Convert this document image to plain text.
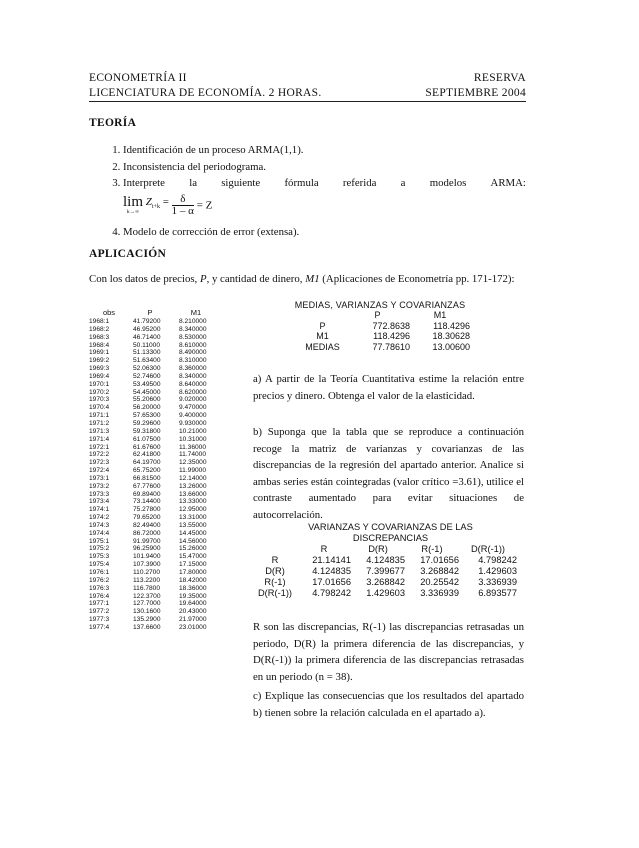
ECONOMETRÍA II
LICENCIATURA DE ECONOMÍA. 2 HORAS.
RESERVA
SEPTIEMBRE 2004
TEORÍA
1. Identificación de un proceso ARMA(1,1).
2. Inconsistencia del periodograma.
3. Interprete la siguiente fórmula referida a modelos ARMA:
lim
k→∞
$Z_{t+k} = \frac{\delta}{1 - \alpha} = Z$
4. Modelo de corrección de error (extensa).
APLICACIÓN
Con los datos de precios, P, y cantidad de dinero, M1 (Aplicaciones de Econometría pp. 171-172):
obs	P	M1
1968:1	41.79200	8.210000
1968:2	46.95200	8.340000
1968:3	46.71400	8.530000
1968:4	50.11000	8.610000
1969:1	51.13300	8.490000
1969:2	51.63400	8.310000
1969:3	52.06300	8.360000
1969:4	52.74600	8.340000
1970:1	53.49500	8.640000
1970:2	54.45000	8.620000
1970:3	55.20600	9.020000
1970:4	56.20000	9.470000
1971:1	57.65300	9.400000
1971:2	59.29600	9.930000
1971:3	59.31800	10.21000
1971:4	61.07500	10.31000
1972:1	61.67600	11.36000
1972:2	62.41800	11.74000
1972:3	64.19700	12.35000
1972:4	65.75200	11.99000
1973:1	66.81500	12.14000
1973:2	67.77600	13.26000
1973:3	69.89400	13.66000
1973:4	73.14400	13.33000
1974:1	75.27800	12.95000
1974:2	79.65200	13.31000
1974:3	82.49400	13.55000
1974:4	86.72000	14.45000
1975:1	91.99700	14.56000
1975:2	96.25900	15.26000
1975:3	101.9400	15.47000
1975:4	107.3900	17.15000
1976:1	110.2700	17.80000
1976:2	113.2200	18.42000
1976:3	116.7800	18.36000
1976:4	122.3700	19.35000
1977:1	127.7000	19.64000
1977:2	130.1600	20.43000
1977:3	135.2900	21.97000
1977:4	137.6600	23.01000
MEDIAS, VARIANZAS Y COVARIANZAS
	P	M1
P	772.8638	118.4296
M1	118.4296	18.30628
MEDIAS	77.78610	13.00600
a) A partir de la Teoría Cuantitativa estime la relación entre precios y dinero. Obtenga el valor de la elasticidad.
b) Suponga que la tabla que se reproduce a continuación recoge la matriz de varianzas y covarianzas de las discrepancias de la regresión del apartado anterior. Analice si ambas series están cointegradas (valor crítico =3.61), utilice el contraste aumentado para evitar situaciones de autocorrelación.
VARIANZAS Y COVARIANZAS DE LAS
DISCREPANCIAS
	R	D(R)	R(-1)	D(R(-1))
R	21.14141	4.124835	17.01656	4.798242
D(R)	4.124835	7.399677	3.268842	1.429603
R(-1)	17.01656	3.268842	20.25542	3.336939
D(R(-1))	4.798242	1.429603	3.336939	6.893577
R son las discrepancias, R(-1) las discrepancias retrasadas un periodo, D(R) la primera diferencia de las discrepancias, y D(R(-1)) la primera diferencia de las discrepancias retrasadas en un periodo (n = 38).
c) Explique las consecuencias que los resultados del apartado b) tienen sobre la relación calculada en el apartado a).
